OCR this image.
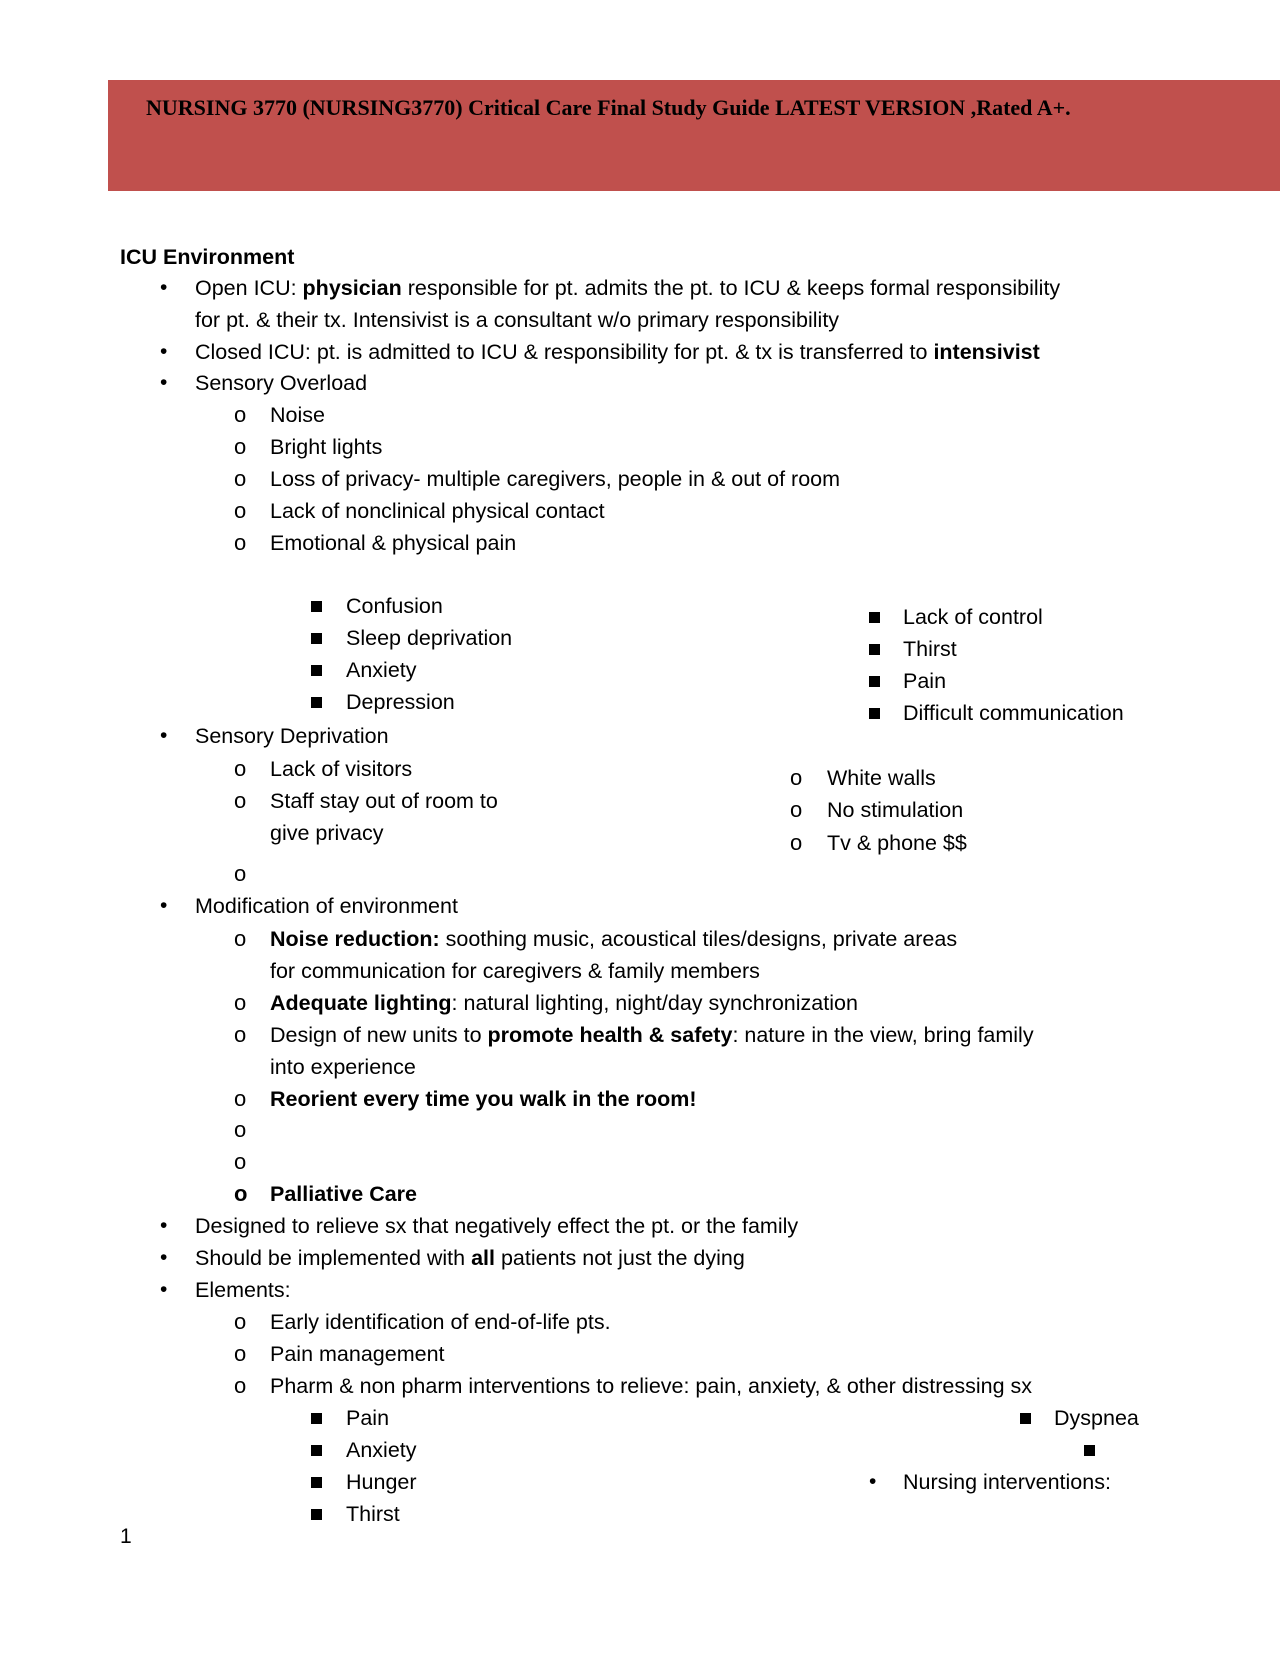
NURSING 3770 (NURSING3770) Critical Care Final Study Guide LATEST VERSION ,Rated A+.
ICU Environment
• Open ICU: physician responsible for pt. admits the pt. to ICU & keeps formal responsibility
for pt. & their tx. Intensivist is a consultant w/o primary responsibility
• Closed ICU: pt. is admitted to ICU & responsibility for pt. & tx is transferred to intensivist
• Sensory Overload
o Noise
o Bright lights
o Loss of privacy- multiple caregivers, people in & out of room
o Lack of nonclinical physical contact
o Emotional & physical pain
Confusion
Sleep deprivation
Anxiety
Depression
Lack of control
Thirst
Pain
Difficult communication
• Sensory Deprivation
o Lack of visitors
o Staff stay out of room to
give privacy
o
o White walls
o No stimulation
o Tv & phone $$
• Modification of environment
o Noise reduction: soothing music, acoustical tiles/designs, private areas
for communication for caregivers & family members
o Adequate lighting: natural lighting, night/day synchronization
o Design of new units to promote health & safety: nature in the view, bring family
into experience
o Reorient every time you walk in the room!
o
o
o Palliative Care
• Designed to relieve sx that negatively effect the pt. or the family
• Should be implemented with all patients not just the dying
• Elements:
o Early identification of end-of-life pts.
o Pain management
o Pharm & non pharm interventions to relieve: pain, anxiety, & other distressing sx
Pain
Anxiety
Hunger
Thirst
Dyspnea
• Nursing interventions:
1
